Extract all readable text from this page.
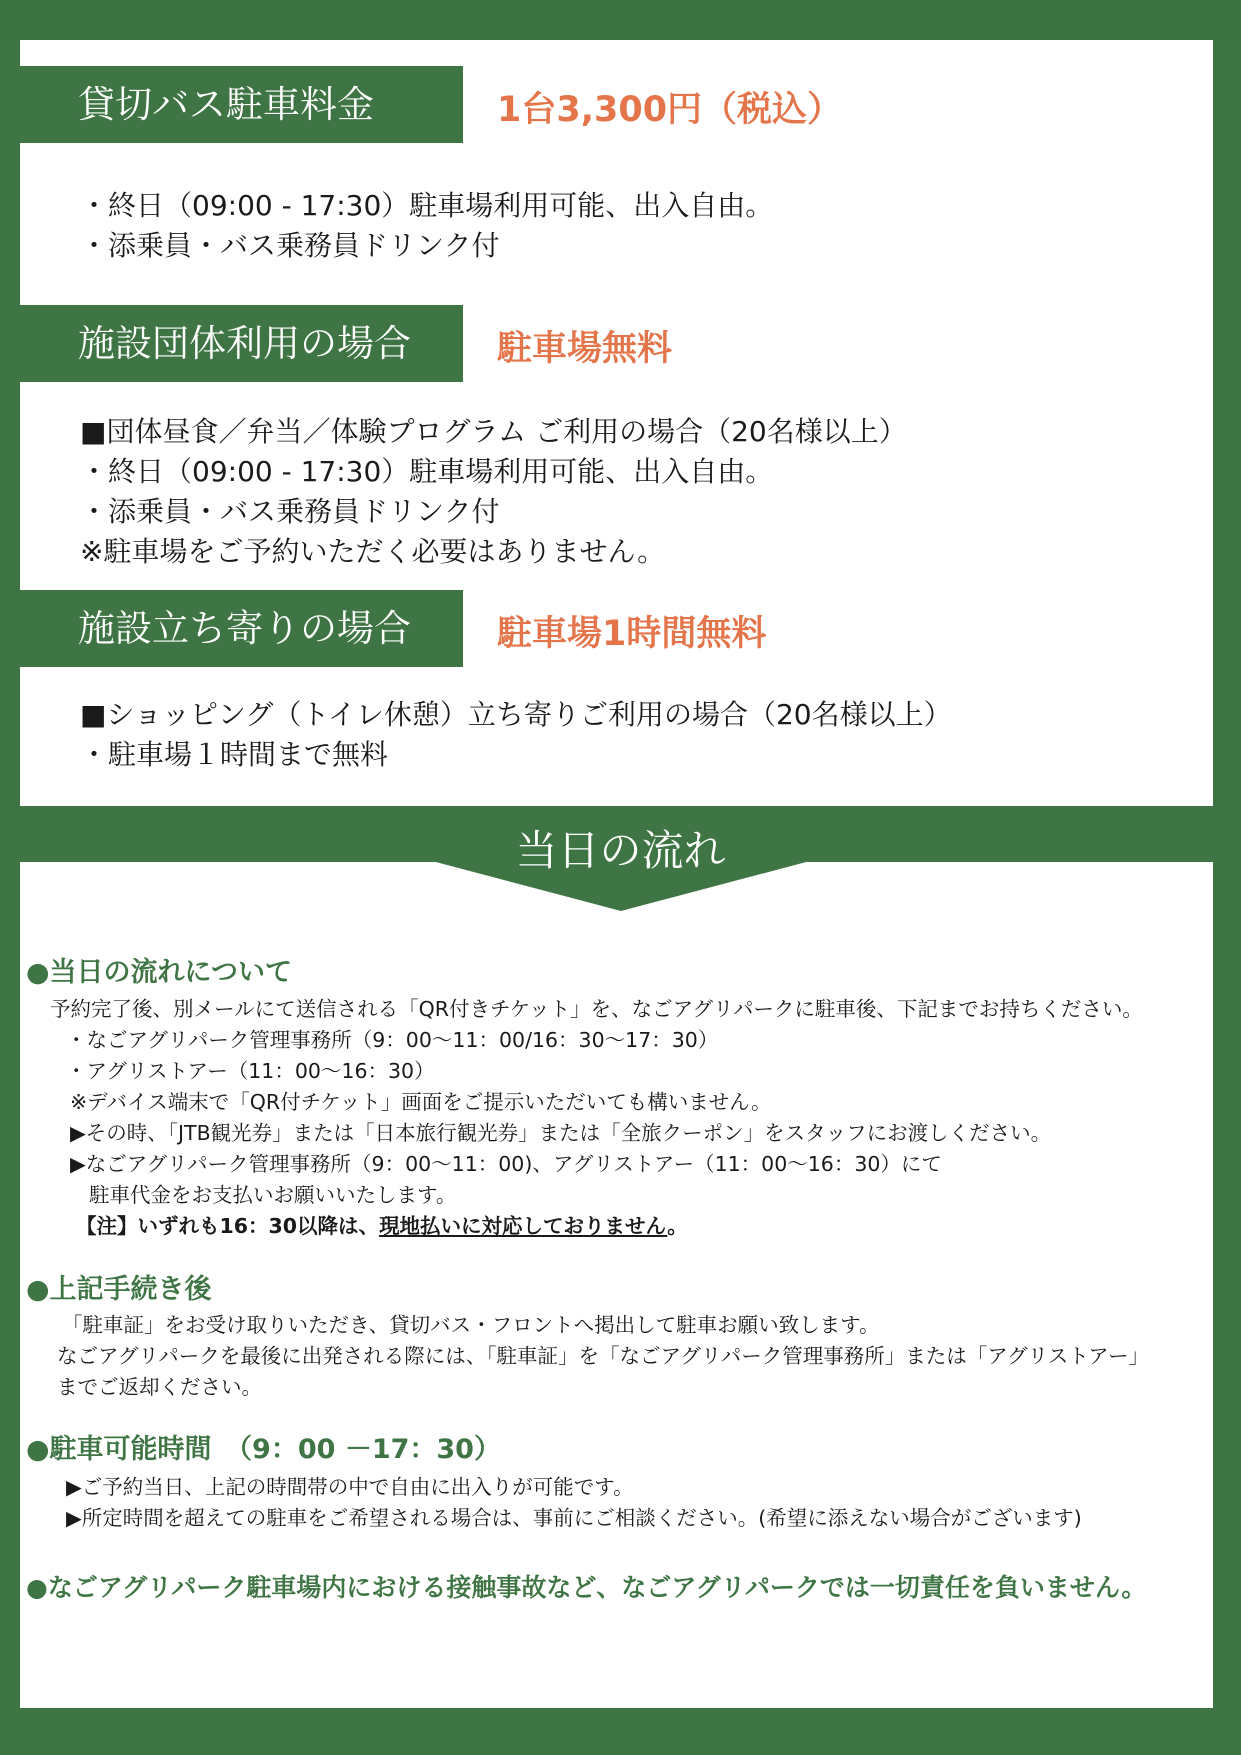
貸切バス駐車料金	1台3,300円（税込）
・終日（09:00 - 17:30）駐車場利用可能、出入自由。
・添乗員・バス乗務員ドリンク付
施設団体利用の場合	駐車場無料
■団体昼食／弁当／体験プログラム ご利用の場合（20名様以上）
・終日（09:00 - 17:30）駐車場利用可能、出入自由。
・添乗員・バス乗務員ドリンク付
※駐車場をご予約いただく必要はありません。
施設立ち寄りの場合	駐車場1時間無料
■ショッピング（トイレ休憩）立ち寄りご利用の場合（20名様以上）
・駐車場１時間まで無料
当日の流れ
●当日の流れについて
予約完了後、別メールにて送信される「QR付きチケット」を、なごアグリパークに駐車後、下記までお持ちください。
・なごアグリパーク管理事務所（9：00～11：00/16：30～17：30）
・アグリストアー（11：00～16：30）
※デバイス端末で「QR付チケット」画面をご提示いただいても構いません。
▶その時、「JTB観光券」または「日本旅行観光券」または「全旅クーポン」をスタッフにお渡しください。
▶なごアグリパーク管理事務所（9：00～11：00)、アグリストアー（11：00～16：30）にて
駐車代金をお支払いお願いいたします。
【注】いずれも16：30以降は、現地払いに対応しておりません。
●上記手続き後
「駐車証」をお受け取りいただき、貸切バス・フロントへ掲出して駐車お願い致します。
なごアグリパークを最後に出発される際には、「駐車証」を「なごアグリパーク管理事務所」または「アグリストアー」
までご返却ください。
●駐車可能時間　（9：00 －17：30）
▶ご予約当日、上記の時間帯の中で自由に出入りが可能です。
▶所定時間を超えての駐車をご希望される場合は、事前にご相談ください。(希望に添えない場合がございます)
●なごアグリパーク駐車場内における接触事故など、なごアグリパークでは一切責任を負いません。
